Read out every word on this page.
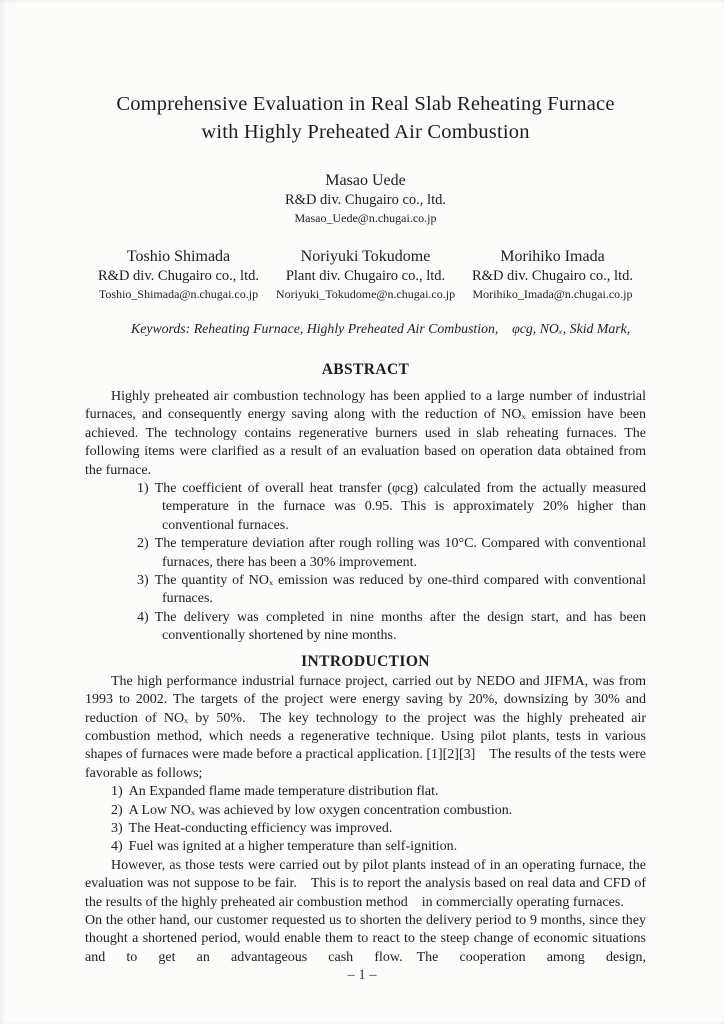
Comprehensive Evaluation in Real Slab Reheating Furnace
with Highly Preheated Air Combustion
Masao Uede
R&D div. Chugairo co., ltd.
Masao_Uede@n.chugai.co.jp
Toshio Shimada
R&D div. Chugairo co., ltd.
Toshio_Shimada@n.chugai.co.jp
Noriyuki Tokudome
Plant div. Chugairo co., ltd.
Noriyuki_Tokudome@n.chugai.co.jp
Morihiko Imada
R&D div. Chugairo co., ltd.
Morihiko_Imada@n.chugai.co.jp
Keywords: Reheating Furnace, Highly Preheated Air Combustion, φcg, NOₓ, Skid Mark,
ABSTRACT

Highly preheated air combustion technology has been applied to a large number of industrial furnaces, and consequently energy saving along with the reduction of NOₓ emission have been achieved. The technology contains regenerative burners used in slab reheating furnaces. The following items were clarified as a result of an evaluation based on operation data obtained from the furnace.

1) The coefficient of overall heat transfer (φcg) calculated from the actually measured temperature in the furnace was 0.95. This is approximately 20% higher than conventional furnaces.
2) The temperature deviation after rough rolling was 10°C. Compared with conventional furnaces, there has been a 30% improvement.
3) The quantity of NOₓ emission was reduced by one-third compared with conventional furnaces.
4) The delivery was completed in nine months after the design start, and has been conventionally shortened by nine months.
INTRODUCTION

The high performance industrial furnace project, carried out by NEDO and JIFMA, was from 1993 to 2002. The targets of the project were energy saving by 20%, downsizing by 30% and reduction of NOₓ by 50%. The key technology to the project was the highly preheated air combustion method, which needs a regenerative technique. Using pilot plants, tests in various shapes of furnaces were made before a practical application. [1][2][3] The results of the tests were favorable as follows;

1) An Expanded flame made temperature distribution flat.
2) A Low NOₓ was achieved by low oxygen concentration combustion.
3) The Heat-conducting efficiency was improved.
4) Fuel was ignited at a higher temperature than self-ignition.

However, as those tests were carried out by pilot plants instead of in an operating furnace, the evaluation was not suppose to be fair. This is to report the analysis based on real data and CFD of the results of the highly preheated air combustion method in commercially operating furnaces.

On the other hand, our customer requested us to shorten the delivery period to 9 months, since they thought a shortened period, would enable them to react to the steep change of economic situations and to get an advantageous cash flow. The cooperation among design,

– 1 –
